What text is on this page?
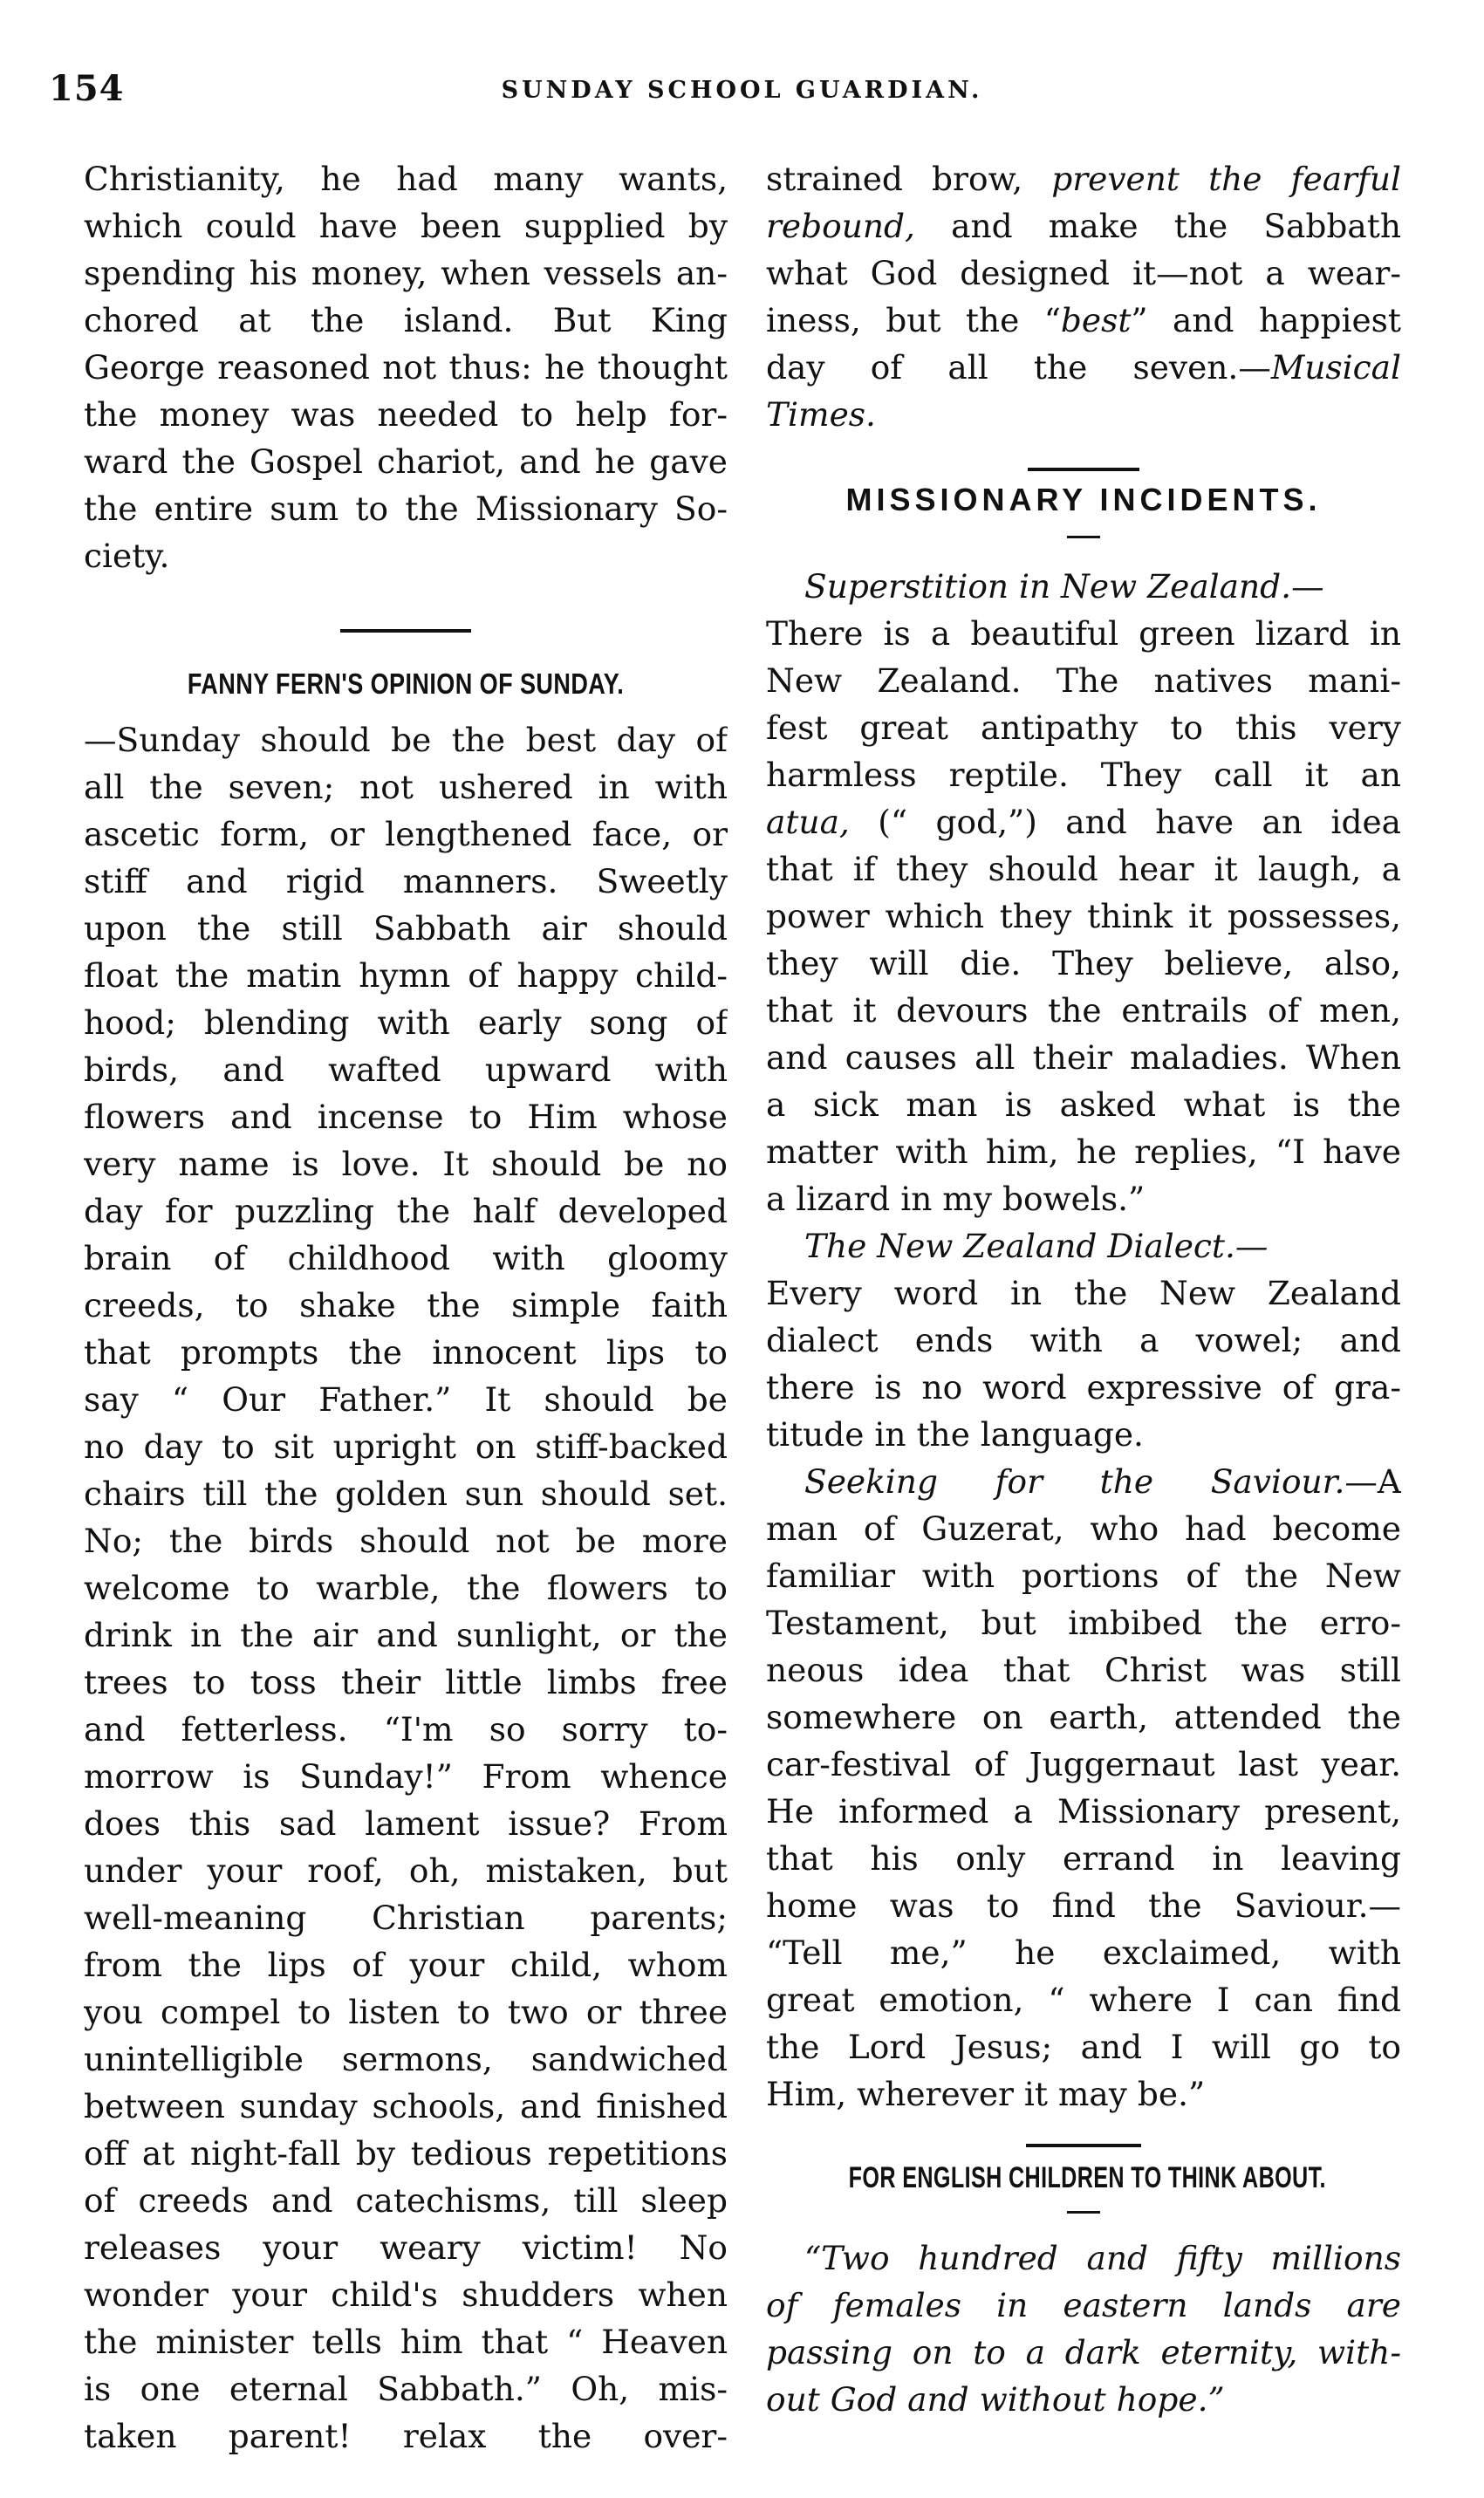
154	SUNDAY SCHOOL GUARDIAN.

Christianity, he had many wants,

which could have been supplied by

spending his money, when vessels an-

chored at the island. But King

George reasoned not thus: he thought

the money was needed to help for-

ward the Gospel chariot, and he gave

the entire sum to the Missionary So-

ciety.

FANNY FERN'S OPINION OF SUNDAY.

—Sunday should be the best day of

all the seven; not ushered in with

ascetic form, or lengthened face, or

stiff and rigid manners. Sweetly

upon the still Sabbath air should

float the matin hymn of happy child-

hood; blending with early song of

birds, and wafted upward with

flowers and incense to Him whose

very name is love. It should be no

day for puzzling the half developed

brain of childhood with gloomy

creeds, to shake the simple faith

that prompts the innocent lips to

say “ Our Father.” It should be

no day to sit upright on stiff-backed

chairs till the golden sun should set.

No; the birds should not be more

welcome to warble, the flowers to

drink in the air and sunlight, or the

trees to toss their little limbs free

and fetterless. “I'm so sorry to-

morrow is Sunday!” From whence

does this sad lament issue? From

under your roof, oh, mistaken, but

well-meaning Christian parents;

from the lips of your child, whom

you compel to listen to two or three

unintelligible sermons, sandwiched

between sunday schools, and finished

off at night-fall by tedious repetitions

of creeds and catechisms, till sleep

releases your weary victim! No

wonder your child's shudders when

the minister tells him that “ Heaven

is one eternal Sabbath.” Oh, mis-

taken parent! relax the over-

strained brow, prevent the fearful

rebound, and make the Sabbath

what God designed it—not a wear-

iness, but the “best” and happiest

day of all the seven.—Musical

Times.

MISSIONARY INCIDENTS.

Superstition in New Zealand.—

There is a beautiful green lizard in

New Zealand. The natives mani-

fest great antipathy to this very

harmless reptile. They call it an

atua, (“ god,”) and have an idea

that if they should hear it laugh, a

power which they think it possesses,

they will die. They believe, also,

that it devours the entrails of men,

and causes all their maladies. When

a sick man is asked what is the

matter with him, he replies, “I have

a lizard in my bowels.”

The New Zealand Dialect.—

Every word in the New Zealand

dialect ends with a vowel; and

there is no word expressive of gra-

titude in the language.

Seeking for the Saviour.—A

man of Guzerat, who had become

familiar with portions of the New

Testament, but imbibed the erro-

neous idea that Christ was still

somewhere on earth, attended the

car-festival of Juggernaut last year.

He informed a Missionary present,

that his only errand in leaving

home was to find the Saviour.—

“Tell me,” he exclaimed, with

great emotion, “ where I can find

the Lord Jesus; and I will go to

Him, wherever it may be.”

FOR ENGLISH CHILDREN TO THINK ABOUT.

“Two hundred and fifty millions

of females in eastern lands are

passing on to a dark eternity, with-

out God and without hope.”
